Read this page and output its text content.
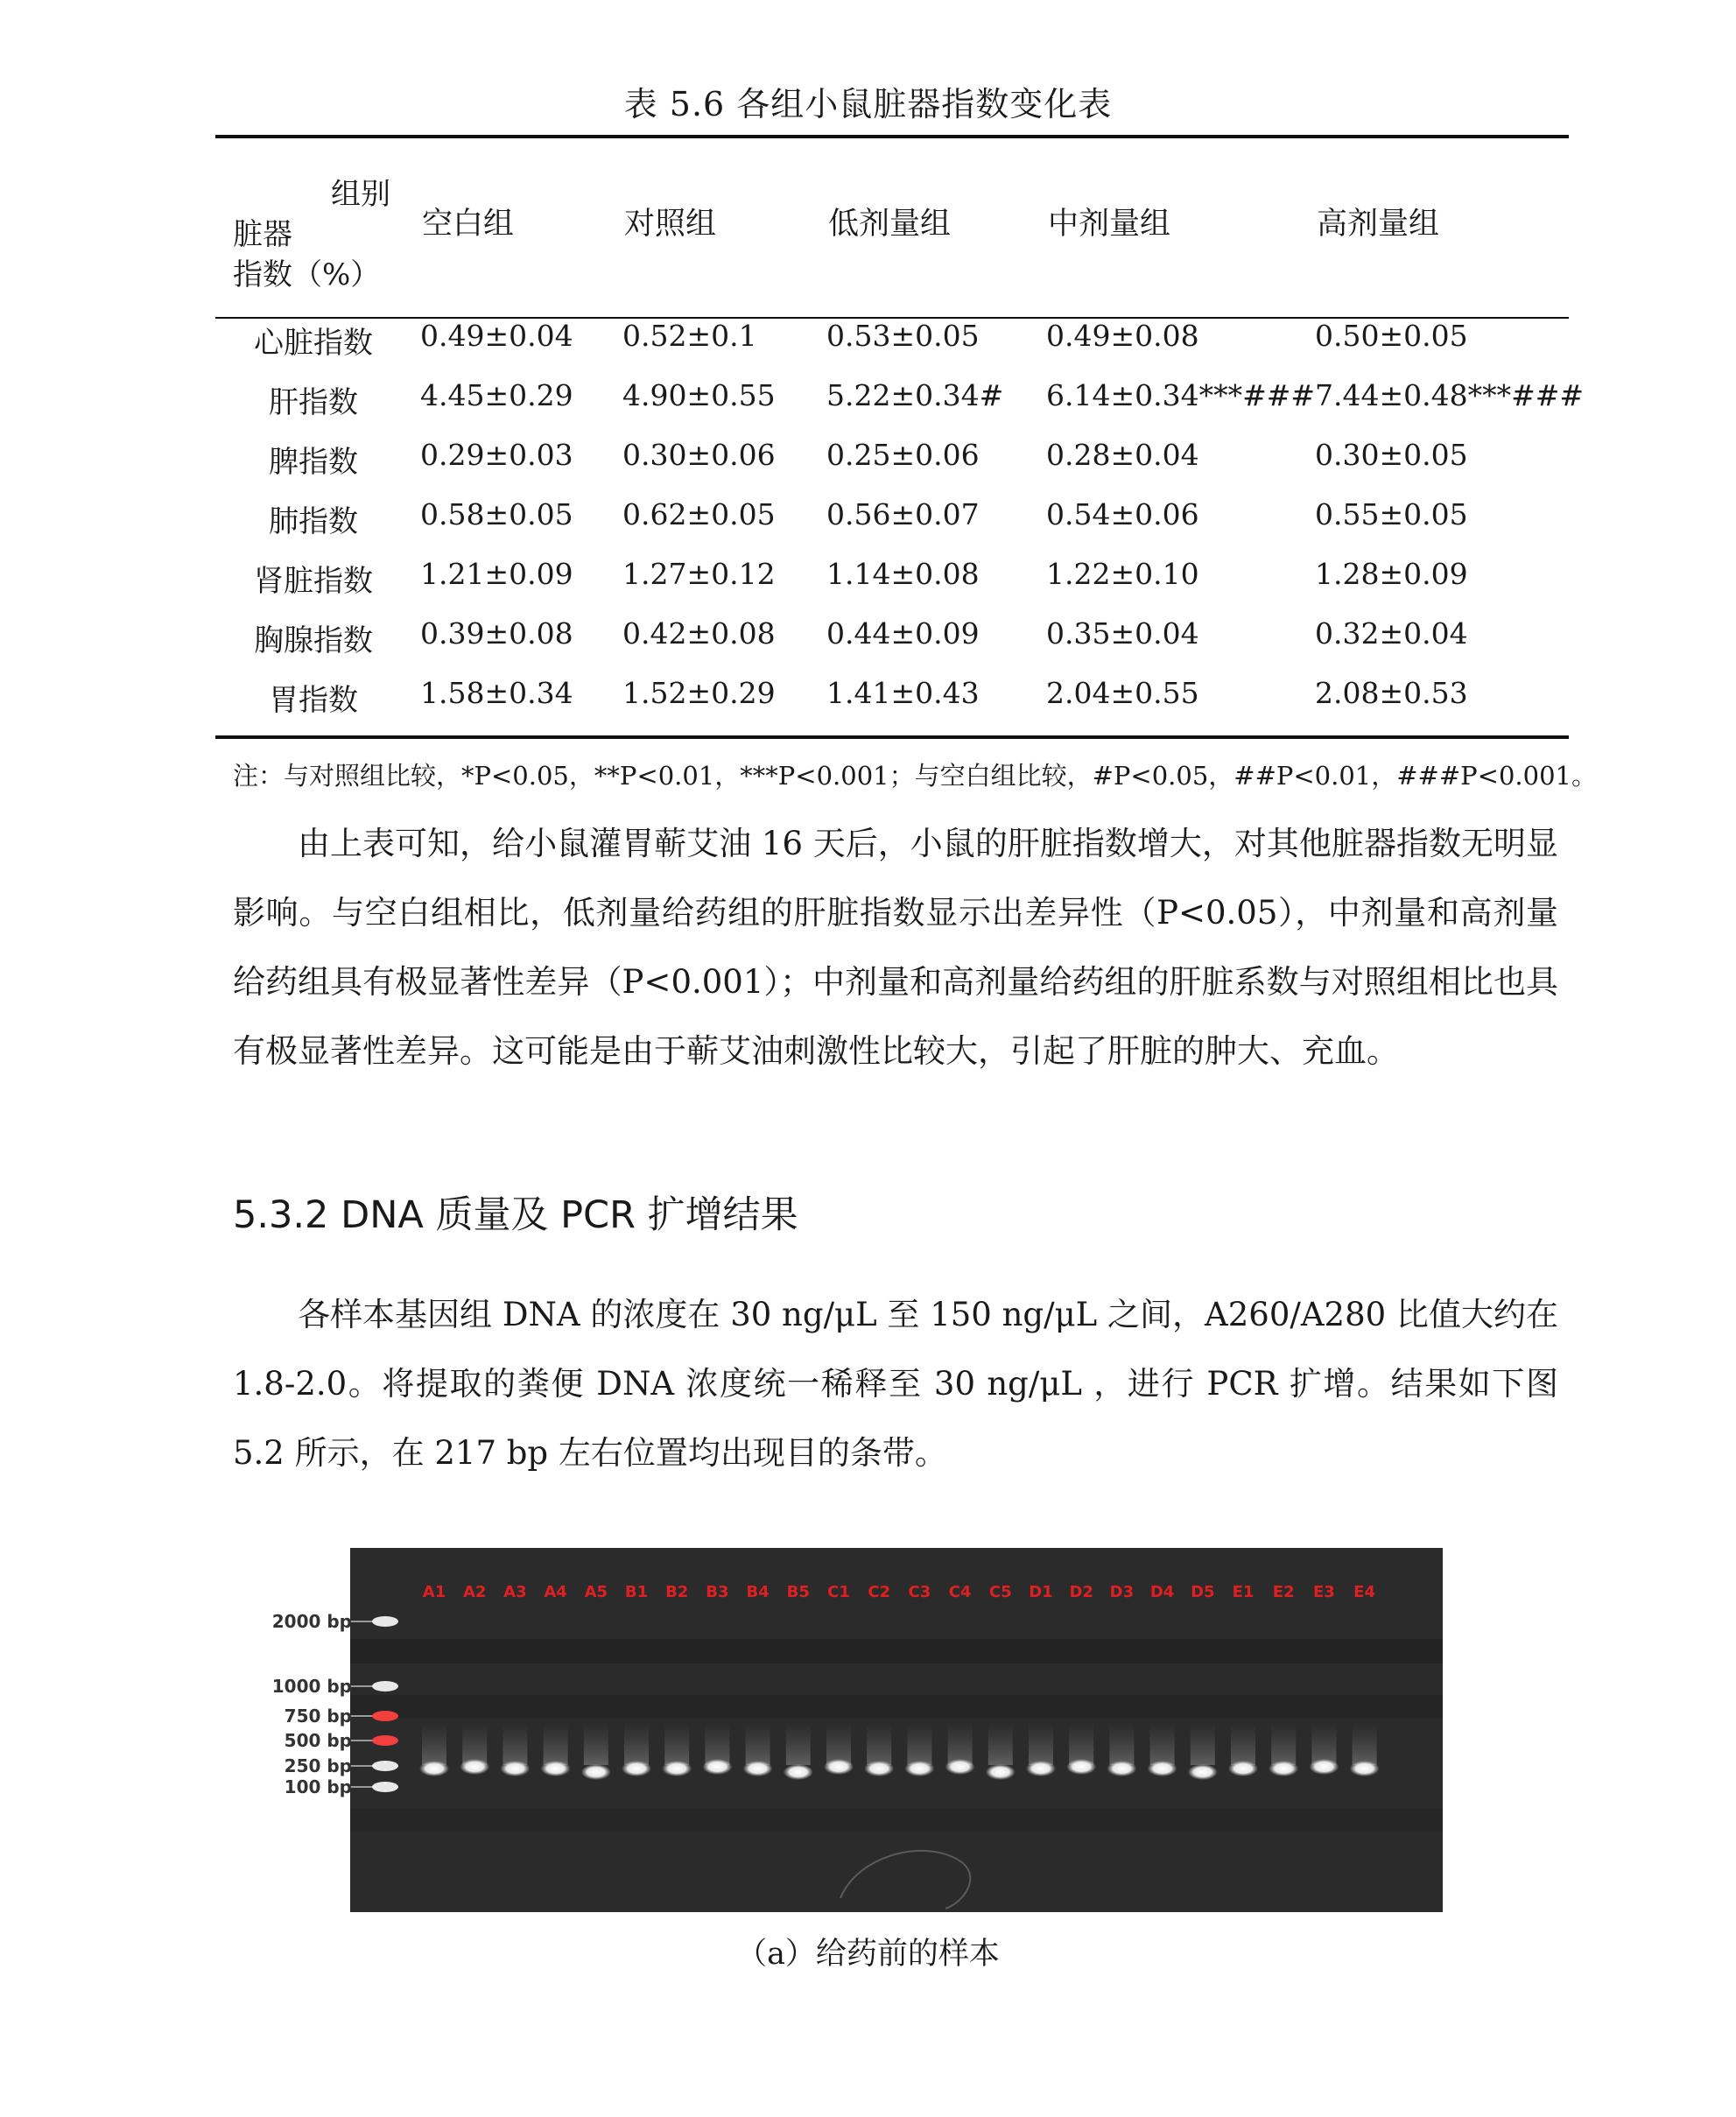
表 5.6 各组小鼠脏器指数变化表
组别
脏器
指数（%）
空白组	对照组	低剂量组	中剂量组	高剂量组
心脏指数	0.49±0.04 0.52±0.1 0.53±0.05 0.49±0.08	0.50±0.05
肝指数	4.45±0.29 4.90±0.55 5.22±0.34# 6.14±0.34***### 7.44±0.48***###
脾指数	0.29±0.03 0.30±0.06 0.25±0.06 0.28±0.04	0.30±0.05
肺指数	0.58±0.05 0.62±0.05 0.56±0.07 0.54±0.06	0.55±0.05
肾脏指数	1.21±0.09 1.27±0.12 1.14±0.08 1.22±0.10	1.28±0.09
胸腺指数	0.39±0.08 0.42±0.08 0.44±0.09 0.35±0.04	0.32±0.04
胃指数	1.58±0.34 1.52±0.29 1.41±0.43 2.04±0.55	2.08±0.53
注：与对照组比较，*P<0.05，**P<0.01，***P<0.001；与空白组比较，#P<0.05，##P<0.01，###P<0.001。

由上表可知，给小鼠灌胃蕲艾油 16 天后，小鼠的肝脏指数增大，对其他脏器指数无明显影响。与空白组相比，低剂量给药组的肝脏指数显示出差异性（P<0.05），中剂量和高剂量给药组具有极显著性差异（P<0.001）；中剂量和高剂量给药组的肝脏系数与对照组相比也具有极显著性差异。这可能是由于蕲艾油刺激性比较大，引起了肝脏的肿大、充血。

5.3.2 DNA 质量及 PCR 扩增结果

各样本基因组 DNA 的浓度在 30 ng/μL 至 150 ng/μL 之间，A260/A280 比值大约在 1.8-2.0。将提取的粪便 DNA 浓度统一稀释至 30 ng/μL ，进行 PCR 扩增。结果如下图 5.2 所示，在 217 bp 左右位置均出现目的条带。

A1 A2 A3 A4 A5 B1 B2 B3 B4 B5 C1 C2 C3 C4 C5 D1 D2 D3 D4 D5 E1 E2 E3 E4
2000 bp
1000 bp
750 bp
500 bp
250 bp
100 bp
（a）给药前的样本
